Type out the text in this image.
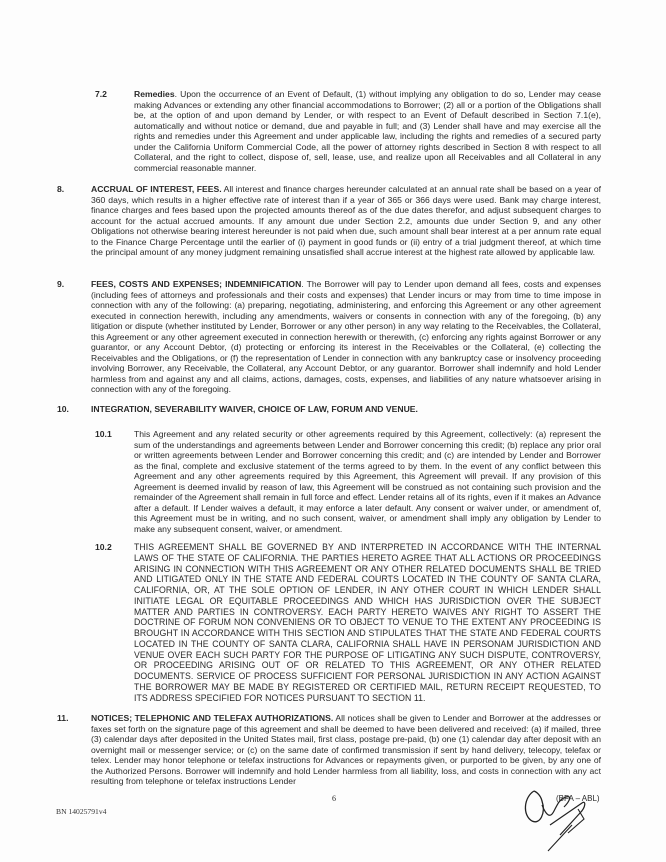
7.2	Remedies. Upon the occurrence of an Event of Default, (1) without implying any obligation to do so, Lender may cease making Advances or extending any other financial accommodations to Borrower; (2) all or a portion of the Obligations shall be, at the option of and upon demand by Lender, or with respect to an Event of Default described in Section 7.1(e), automatically and without notice or demand, due and payable in full; and (3) Lender shall have and may exercise all the rights and remedies under this Agreement and under applicable law, including the rights and remedies of a secured party under the California Uniform Commercial Code, all the power of attorney rights described in Section 8 with respect to all Collateral, and the right to collect, dispose of, sell, lease, use, and realize upon all Receivables and all Collateral in any commercial reasonable manner.
8.	ACCRUAL OF INTEREST, FEES. All interest and finance charges hereunder calculated at an annual rate shall be based on a year of 360 days, which results in a higher effective rate of interest than if a year of 365 or 366 days were used. Bank may charge interest, finance charges and fees based upon the projected amounts thereof as of the due dates therefor, and adjust subsequent charges to account for the actual accrued amounts. If any amount due under Section 2.2, amounts due under Section 9, and any other Obligations not otherwise bearing interest hereunder is not paid when due, such amount shall bear interest at a per annum rate equal to the Finance Charge Percentage until the earlier of (i) payment in good funds or (ii) entry of a trial judgment thereof, at which time the principal amount of any money judgment remaining unsatisfied shall accrue interest at the highest rate allowed by applicable law.
9.	FEES, COSTS AND EXPENSES; INDEMNIFICATION. The Borrower will pay to Lender upon demand all fees, costs and expenses (including fees of attorneys and professionals and their costs and expenses) that Lender incurs or may from time to time impose in connection with any of the following: (a) preparing, negotiating, administering, and enforcing this Agreement or any other agreement executed in connection herewith, including any amendments, waivers or consents in connection with any of the foregoing, (b) any litigation or dispute (whether instituted by Lender, Borrower or any other person) in any way relating to the Receivables, the Collateral, this Agreement or any other agreement executed in connection herewith or therewith, (c) enforcing any rights against Borrower or any guarantor, or any Account Debtor, (d) protecting or enforcing its interest in the Receivables or the Collateral, (e) collecting the Receivables and the Obligations, or (f) the representation of Lender in connection with any bankruptcy case or insolvency proceeding involving Borrower, any Receivable, the Collateral, any Account Debtor, or any guarantor. Borrower shall indemnify and hold Lender harmless from and against any and all claims, actions, damages, costs, expenses, and liabilities of any nature whatsoever arising in connection with any of the foregoing.
10.	INTEGRATION, SEVERABILITY WAIVER, CHOICE OF LAW, FORUM AND VENUE.
10.1	This Agreement and any related security or other agreements required by this Agreement, collectively: (a) represent the sum of the understandings and agreements between Lender and Borrower concerning this credit; (b) replace any prior oral or written agreements between Lender and Borrower concerning this credit; and (c) are intended by Lender and Borrower as the final, complete and exclusive statement of the terms agreed to by them. In the event of any conflict between this Agreement and any other agreements required by this Agreement, this Agreement will prevail. If any provision of this Agreement is deemed invalid by reason of law, this Agreement will be construed as not containing such provision and the remainder of the Agreement shall remain in full force and effect. Lender retains all of its rights, even if it makes an Advance after a default. If Lender waives a default, it may enforce a later default. Any consent or waiver under, or amendment of, this Agreement must be in writing, and no such consent, waiver, or amendment shall imply any obligation by Lender to make any subsequent consent, waiver, or amendment.
10.2	THIS AGREEMENT SHALL BE GOVERNED BY AND INTERPRETED IN ACCORDANCE WITH THE INTERNAL LAWS OF THE STATE OF CALIFORNIA. THE PARTIES HERETO AGREE THAT ALL ACTIONS OR PROCEEDINGS ARISING IN CONNECTION WITH THIS AGREEMENT OR ANY OTHER RELATED DOCUMENTS SHALL BE TRIED AND LITIGATED ONLY IN THE STATE AND FEDERAL COURTS LOCATED IN THE COUNTY OF SANTA CLARA, CALIFORNIA, OR, AT THE SOLE OPTION OF LENDER, IN ANY OTHER COURT IN WHICH LENDER SHALL INITIATE LEGAL OR EQUITABLE PROCEEDINGS AND WHICH HAS JURISDICTION OVER THE SUBJECT MATTER AND PARTIES IN CONTROVERSY. EACH PARTY HERETO WAIVES ANY RIGHT TO ASSERT THE DOCTRINE OF FORUM NON CONVENIENS OR TO OBJECT TO VENUE TO THE EXTENT ANY PROCEEDING IS BROUGHT IN ACCORDANCE WITH THIS SECTION AND STIPULATES THAT THE STATE AND FEDERAL COURTS LOCATED IN THE COUNTY OF SANTA CLARA, CALIFORNIA SHALL HAVE IN PERSONAM JURISDICTION AND VENUE OVER EACH SUCH PARTY FOR THE PURPOSE OF LITIGATING ANY SUCH DISPUTE, CONTROVERSY, OR PROCEEDING ARISING OUT OF OR RELATED TO THIS AGREEMENT, OR ANY OTHER RELATED DOCUMENTS. SERVICE OF PROCESS SUFFICIENT FOR PERSONAL JURISDICTION IN ANY ACTION AGAINST THE BORROWER MAY BE MADE BY REGISTERED OR CERTIFIED MAIL, RETURN RECEIPT REQUESTED, TO ITS ADDRESS SPECIFIED FOR NOTICES PURSUANT TO SECTION 11.
11.	NOTICES; TELEPHONIC AND TELEFAX AUTHORIZATIONS. All notices shall be given to Lender and Borrower at the addresses or faxes set forth on the signature page of this agreement and shall be deemed to have been delivered and received: (a) if mailed, three (3) calendar days after deposited in the United States mail, first class, postage pre-paid, (b) one (1) calendar day after deposit with an overnight mail or messenger service; or (c) on the same date of confirmed transmission if sent by hand delivery, telecopy, telefax or telex. Lender may honor telephone or telefax instructions for Advances or repayments given, or purported to be given, by any one of the Authorized Persons. Borrower will indemnify and hold Lender harmless from all liability, loss, and costs in connection with any act resulting from telephone or telefax instructions Lender
6
BN 14025791v4
(BFA – ABL)
